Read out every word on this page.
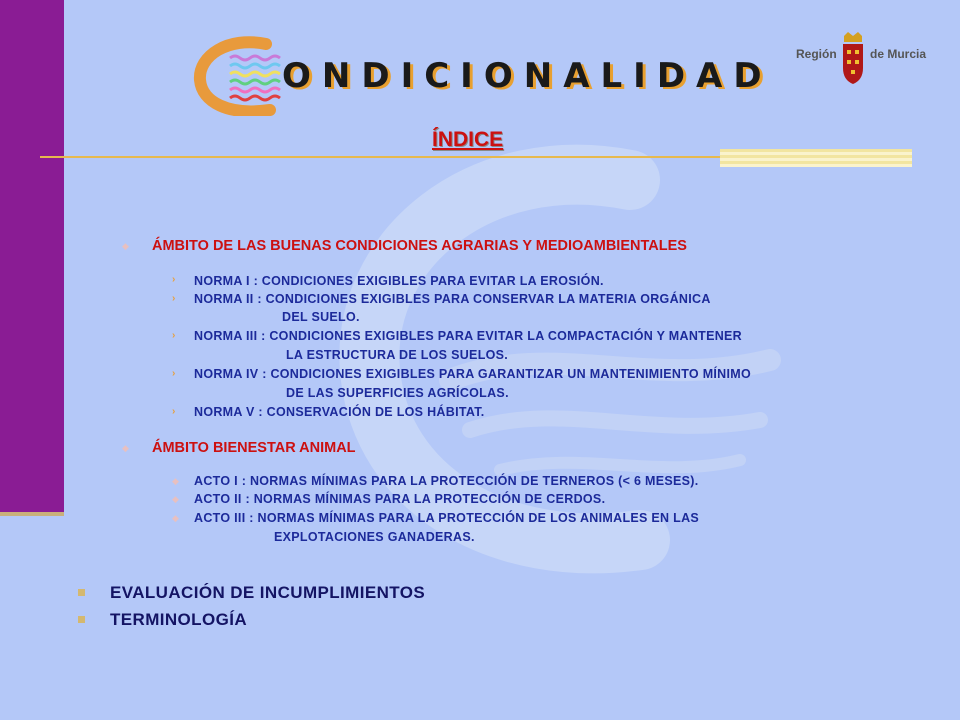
ONDICIONALIDAD
Región	de Murcia
ÍNDICE
◆ ÁMBITO DE LAS BUENAS CONDICIONES AGRARIAS Y MEDIOAMBIENTALES
› NORMA I : CONDICIONES EXIGIBLES PARA EVITAR LA EROSIÓN.
› NORMA II : CONDICIONES EXIGIBLES PARA CONSERVAR LA MATERIA ORGÁNICA
DEL SUELO.
› NORMA III : CONDICIONES EXIGIBLES PARA EVITAR LA COMPACTACIÓN Y MANTENER
LA ESTRUCTURA DE LOS SUELOS.
› NORMA IV : CONDICIONES EXIGIBLES PARA GARANTIZAR UN MANTENIMIENTO MÍNIMO
DE LAS SUPERFICIES AGRÍCOLAS.
› NORMA V : CONSERVACIÓN DE LOS HÁBITAT.
◆ ÁMBITO BIENESTAR ANIMAL
◆ ACTO I : NORMAS MÍNIMAS PARA LA PROTECCIÓN DE TERNEROS (< 6 MESES).
◆ ACTO II : NORMAS MÍNIMAS PARA LA PROTECCIÓN DE CERDOS.
◆ ACTO III : NORMAS MÍNIMAS PARA LA PROTECCIÓN DE LOS ANIMALES EN LAS
EXPLOTACIONES GANADERAS.
EVALUACIÓN DE INCUMPLIMIENTOS
TERMINOLOGÍA
